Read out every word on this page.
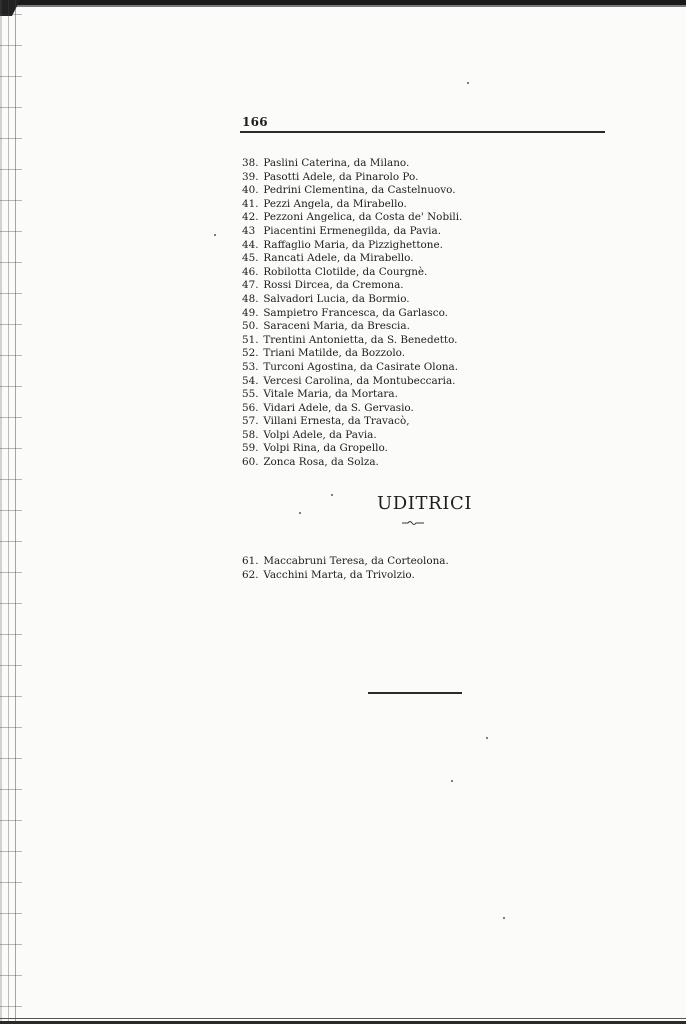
166
38. Paslini Caterina, da Milano.
39. Pasotti Adele, da Pinarolo Po.
40. Pedrini Clementina, da Castelnuovo.
41. Pezzi Angela, da Mirabello.
42. Pezzoni Angelica, da Costa de' Nobili.
43 Piacentini Ermenegilda, da Pavia.
44. Raffaglio Maria, da Pizzighettone.
45. Rancati Adele, da Mirabello.
46. Robilotta Clotilde, da Courgnè.
47. Rossi Dircea, da Cremona.
48. Salvadori Lucia, da Bormio.
49. Sampietro Francesca, da Garlasco.
50. Saraceni Maria, da Brescia.
51. Trentini Antonietta, da S. Benedetto.
52. Triani Matilde, da Bozzolo.
53. Turconi Agostina, da Casirate Olona.
54. Vercesi Carolina, da Montubeccaria.
55. Vitale Maria, da Mortara.
56. Vidari Adele, da S. Gervasio.
57. Villani Ernesta, da Travacò,
58. Volpi Adele, da Pavia.
59. Volpi Rina, da Gropello.
60. Zonca Rosa, da Solza.
UDITRICI
61. Maccabruni Teresa, da Corteolona.
62. Vacchini Marta, da Trivolzio.
